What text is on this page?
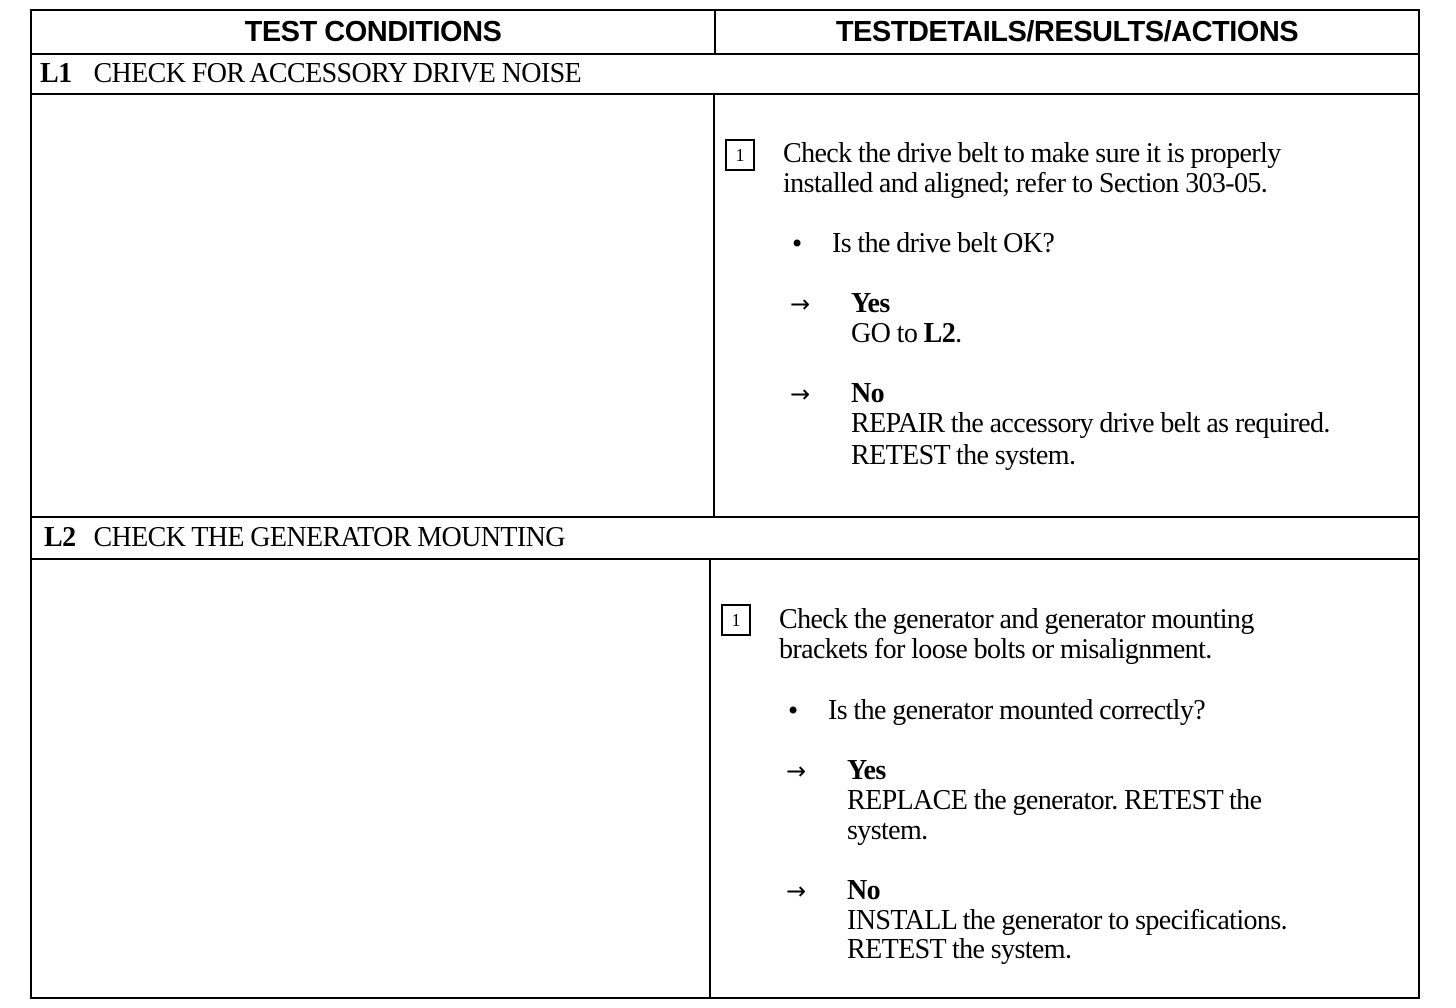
TEST CONDITIONS	TESTDETAILS/RESULTS/ACTIONS
L1 CHECK FOR ACCESSORY DRIVE NOISE
1	Check the drive belt to make sure it is properly
installed and aligned; refer to Section 303-05.
• Is the drive belt OK?
→ Yes
GO to L2.
→ No
REPAIR the accessory drive belt as required.
RETEST the system.
L2 CHECK THE GENERATOR MOUNTING
1	Check the generator and generator mounting
brackets for loose bolts or misalignment.
• Is the generator mounted correctly?
→ Yes
REPLACE the generator. RETEST the
system.
→ No
INSTALL the generator to specifications.
RETEST the system.
